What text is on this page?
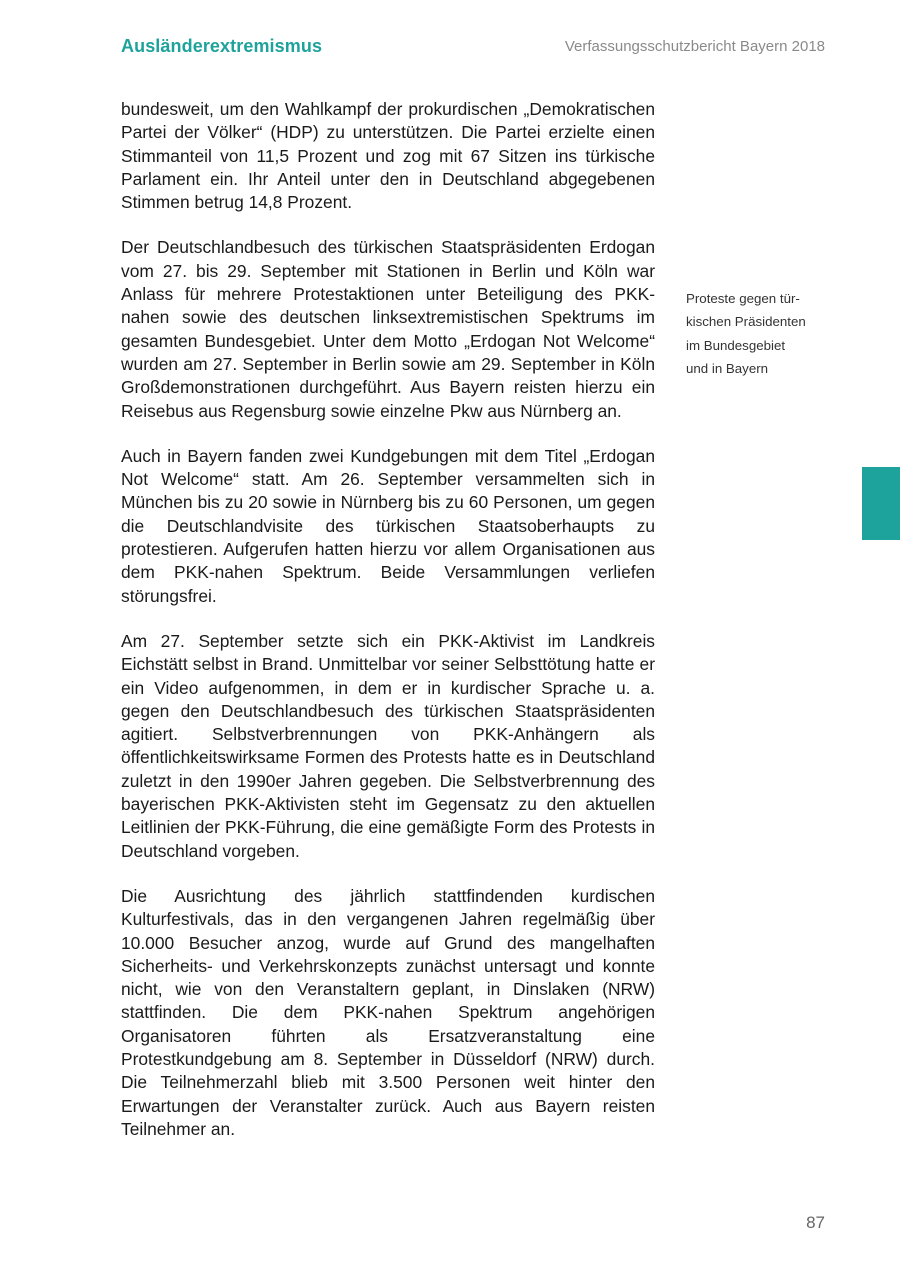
Ausländerextremismus	Verfassungsschutzbericht Bayern 2018

bundesweit, um den Wahlkampf der prokurdischen „Demokratischen Partei der Völker“ (HDP) zu unterstützen. Die Partei erzielte einen Stimmanteil von 11,5 Prozent und zog mit 67 Sitzen ins türkische Parlament ein. Ihr Anteil unter den in Deutschland abgegebenen Stimmen betrug 14,8 Prozent.

Der Deutschlandbesuch des türkischen Staatspräsidenten Erdogan vom 27. bis 29. September mit Stationen in Berlin und Köln war Anlass für mehrere Protestaktionen unter Beteiligung des PKK-nahen sowie des deutschen linksextremistischen Spektrums im gesamten Bundesgebiet. Unter dem Motto „Erdogan Not Welcome“ wurden am 27. September in Berlin sowie am 29. September in Köln Großdemonstrationen durchgeführt. Aus Bayern reisten hierzu ein Reisebus aus Regensburg sowie einzelne Pkw aus Nürnberg an.

Auch in Bayern fanden zwei Kundgebungen mit dem Titel „Erdogan Not Welcome“ statt. Am 26. September versammelten sich in München bis zu 20 sowie in Nürnberg bis zu 60 Personen, um gegen die Deutschlandvisite des türkischen Staatsoberhaupts zu protestieren. Aufgerufen hatten hierzu vor allem Organisationen aus dem PKK-nahen Spektrum. Beide Versammlungen verliefen störungsfrei.

Am 27. September setzte sich ein PKK-Aktivist im Landkreis Eichstätt selbst in Brand. Unmittelbar vor seiner Selbsttötung hatte er ein Video aufgenommen, in dem er in kurdischer Sprache u. a. gegen den Deutschlandbesuch des türkischen Staatspräsidenten agitiert. Selbstverbrennungen von PKK-Anhängern als öffentlichkeitswirksame Formen des Protests hatte es in Deutschland zuletzt in den 1990er Jahren gegeben. Die Selbstverbrennung des bayerischen PKK-Aktivisten steht im Gegensatz zu den aktuellen Leitlinien der PKK-Führung, die eine gemäßigte Form des Protests in Deutschland vorgeben.

Die Ausrichtung des jährlich stattfindenden kurdischen Kulturfestivals, das in den vergangenen Jahren regelmäßig über 10.000 Besucher anzog, wurde auf Grund des mangelhaften Sicherheits- und Verkehrskonzepts zunächst untersagt und konnte nicht, wie von den Veranstaltern geplant, in Dinslaken (NRW) stattfinden. Die dem PKK-nahen Spektrum angehörigen Organisatoren führten als Ersatzveranstaltung eine Protestkundgebung am 8. September in Düsseldorf (NRW) durch. Die Teilnehmerzahl blieb mit 3.500 Personen weit hinter den Erwartungen der Veranstalter zurück. Auch aus Bayern reisten Teilnehmer an.

Proteste gegen tür-
kischen Präsidenten
im Bundesgebiet
und in Bayern
87
